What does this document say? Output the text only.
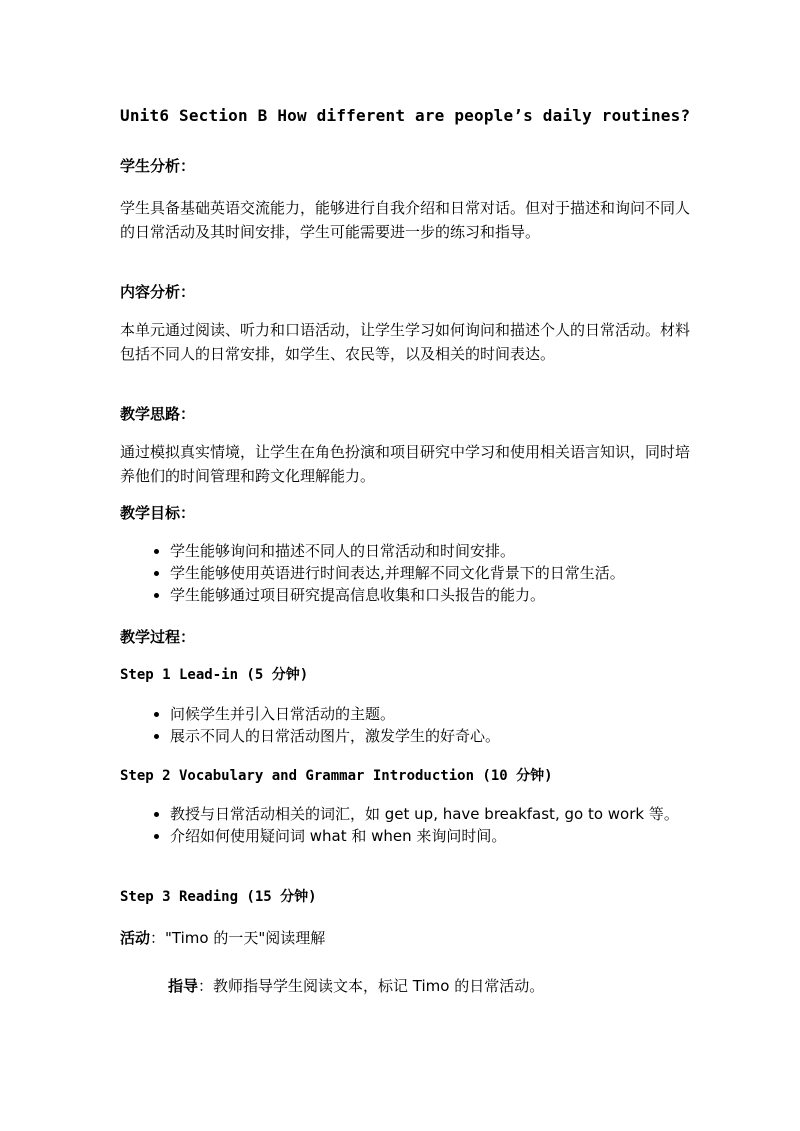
Unit6 Section B How different are people’s daily routines?
学生分析：
学生具备基础英语交流能力，能够进行自我介绍和日常对话。但对于描述和询问不同人的日常活动及其时间安排，学生可能需要进一步的练习和指导。
内容分析：
本单元通过阅读、听力和口语活动，让学生学习如何询问和描述个人的日常活动。材料包括不同人的日常安排，如学生、农民等，以及相关的时间表达。
教学思路：
通过模拟真实情境，让学生在角色扮演和项目研究中学习和使用相关语言知识，同时培养他们的时间管理和跨文化理解能力。
教学目标：
• 学生能够询问和描述不同人的日常活动和时间安排。
• 学生能够使用英语进行时间表达,并理解不同文化背景下的日常生活。
• 学生能够通过项目研究提高信息收集和口头报告的能力。
教学过程：
Step 1 Lead-in (5 分钟)
• 问候学生并引入日常活动的主题。
• 展示不同人的日常活动图片，激发学生的好奇心。
Step 2 Vocabulary and Grammar Introduction (10 分钟)
• 教授与日常活动相关的词汇，如 get up, have breakfast, go to work 等。
• 介绍如何使用疑问词 what 和 when 来询问时间。
Step 3 Reading (15 分钟)
活动："Timo 的一天"阅读理解
指导：教师指导学生阅读文本，标记 Timo 的日常活动。
